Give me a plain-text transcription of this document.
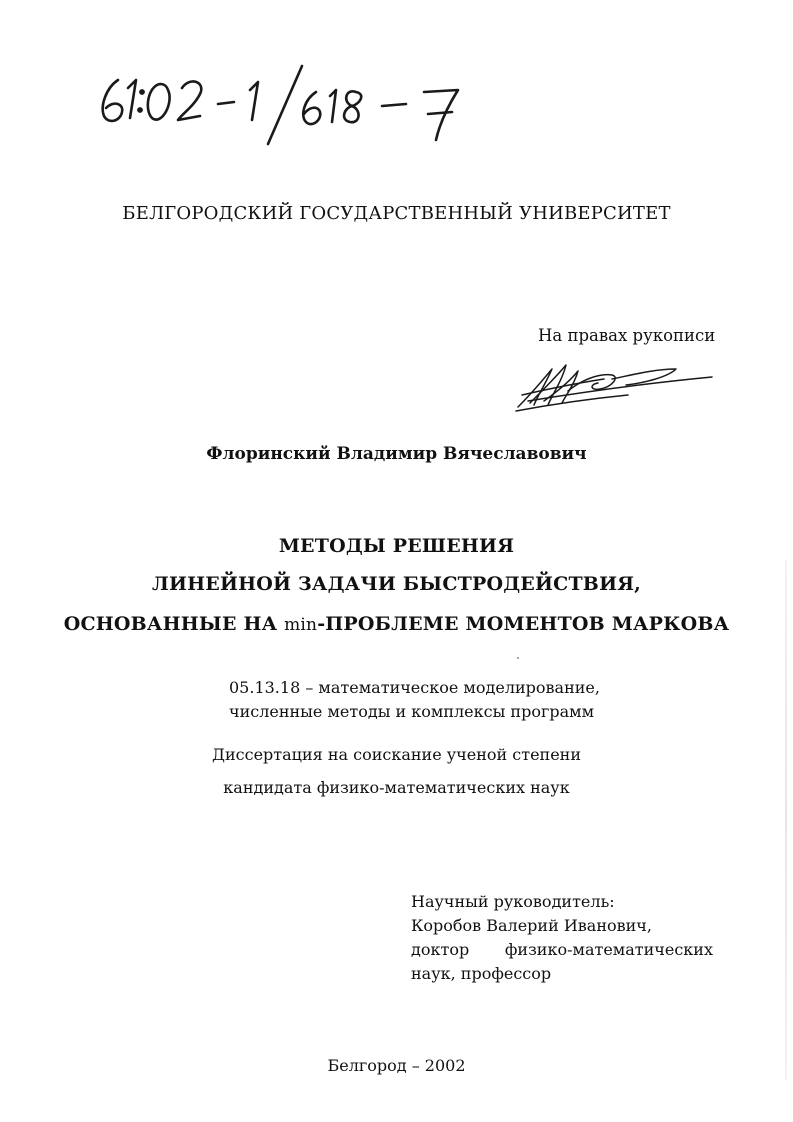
БЕЛГОРОДСКИЙ ГОСУДАРСТВЕННЫЙ УНИВЕРСИТЕТ
На правах рукописи
Флоринский Владимир Вячеславович
МЕТОДЫ РЕШЕНИЯ
ЛИНЕЙНОЙ ЗАДАЧИ БЫСТРОДЕЙСТВИЯ,
ОСНОВАННЫЕ НА min-ПРОБЛЕМЕ МОМЕНТОВ МАРКОВА
05.13.18 – математическое моделирование,
численные методы и комплексы программ
Диссертация на соискание ученой степени
кандидата физико-математических наук
Научный руководитель:
Коробов Валерий Иванович,
доктор физико-математических
наук, профессор
Белгород – 2002
